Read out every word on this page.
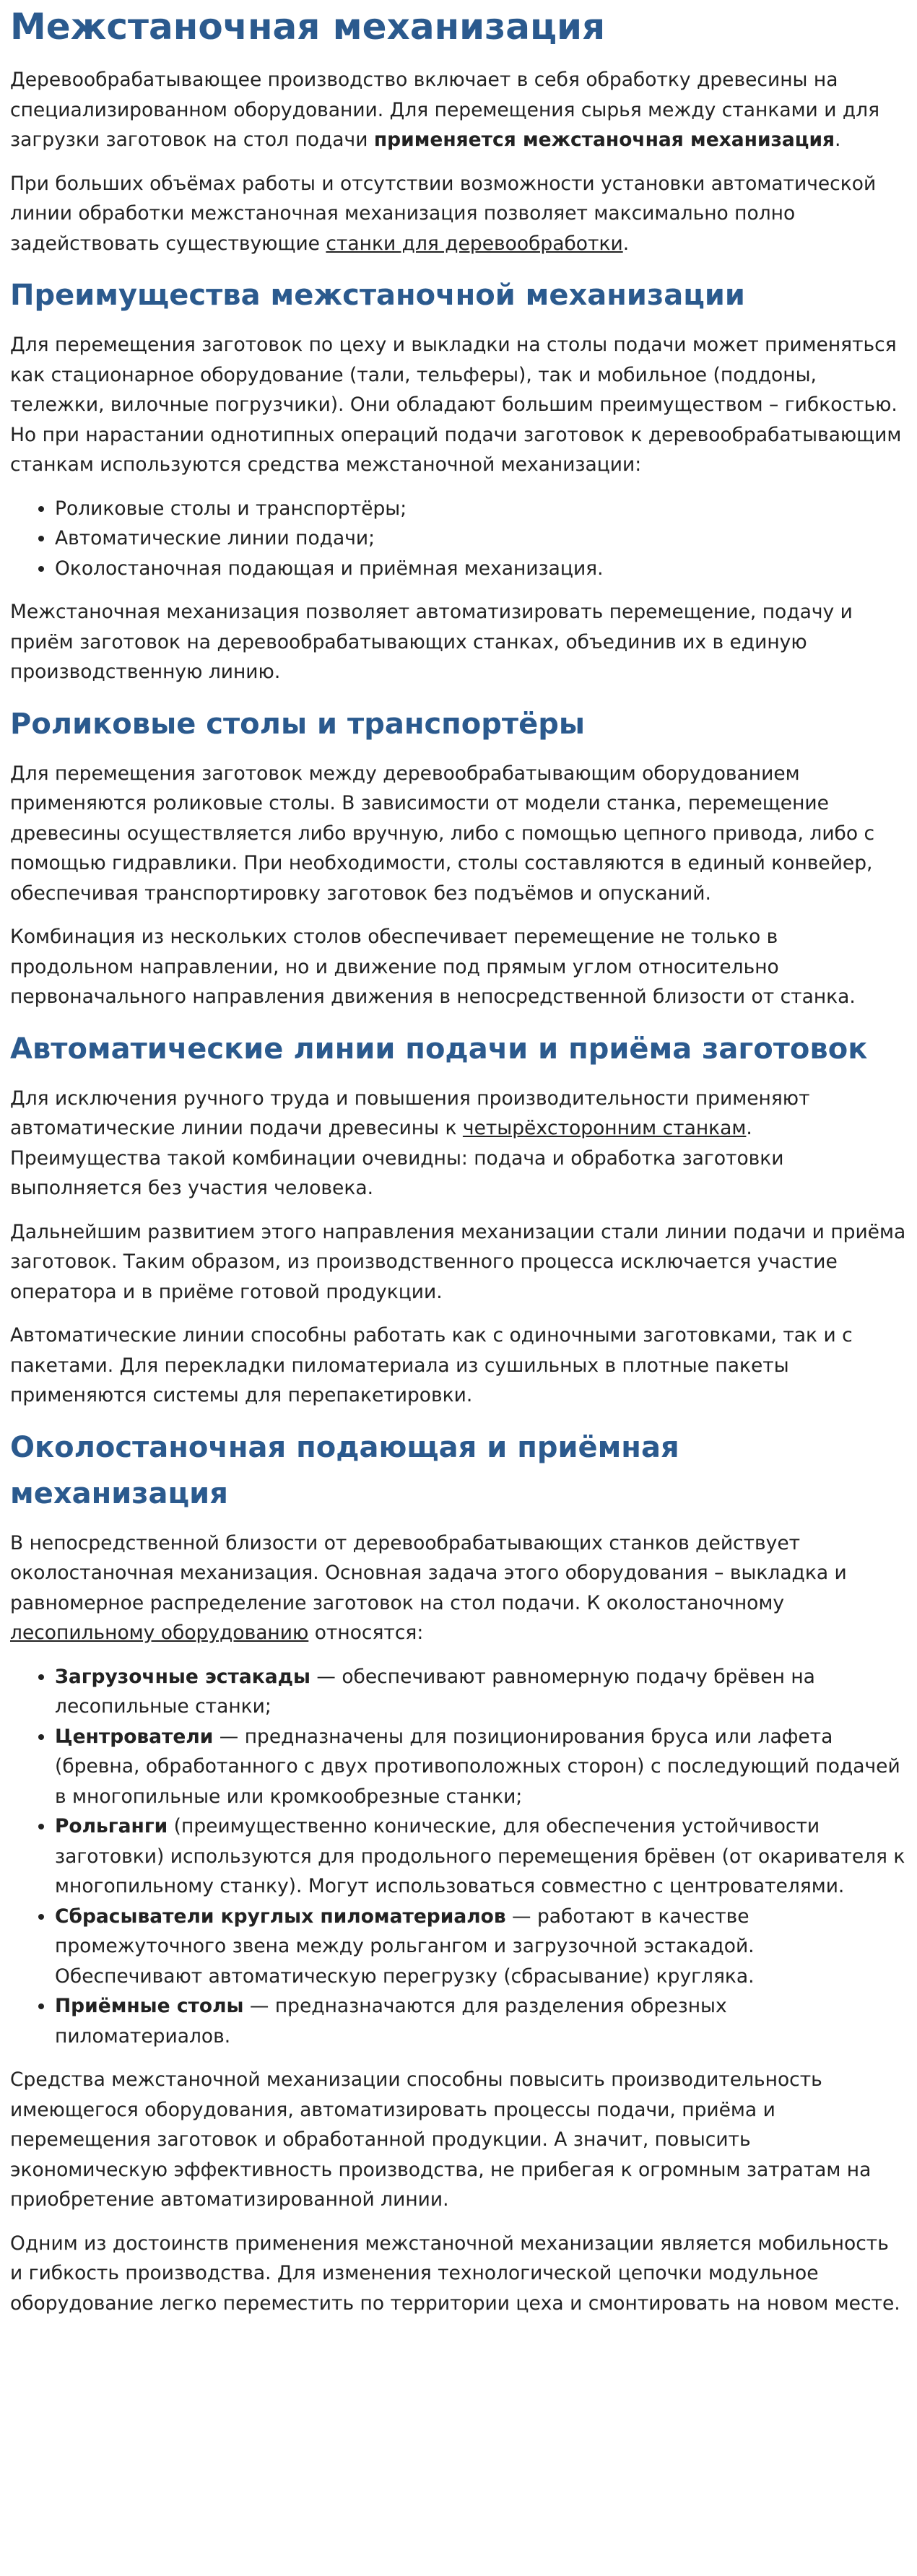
Межстаночная механизация

Деревообрабатывающее производство включает в себя обработку древесины на специализированном оборудовании. Для перемещения сырья между станками и для загрузки заготовок на стол подачи применяется межстаночная механизация.

При больших объёмах работы и отсутствии возможности установки автоматической линии обработки межстаночная механизация позволяет максимально полно задействовать существующие станки для деревообработки.

Преимущества межстаночной механизации

Для перемещения заготовок по цеху и выкладки на столы подачи может применяться как стационарное оборудование (тали, тельферы), так и мобильное (поддоны, тележки, вилочные погрузчики). Они обладают большим преимуществом – гибкостью. Но при нарастании однотипных операций подачи заготовок к деревообрабатывающим станкам используются средства межстаночной механизации:

• Роликовые столы и транспортёры;
• Автоматические линии подачи;
• Околостаночная подающая и приёмная механизация.

Межстаночная механизация позволяет автоматизировать перемещение, подачу и приём заготовок на деревообрабатывающих станках, объединив их в единую производственную линию.

Роликовые столы и транспортёры

Для перемещения заготовок между деревообрабатывающим оборудованием применяются роликовые столы. В зависимости от модели станка, перемещение древесины осуществляется либо вручную, либо с помощью цепного привода, либо с помощью гидравлики. При необходимости, столы составляются в единый конвейер, обеспечивая транспортировку заготовок без подъёмов и опусканий.

Комбинация из нескольких столов обеспечивает перемещение не только в продольном направлении, но и движение под прямым углом относительно первоначального направления движения в непосредственной близости от станка.

Автоматические линии подачи и приёма заготовок

Для исключения ручного труда и повышения производительности применяют автоматические линии подачи древесины к четырёхсторонним станкам. Преимущества такой комбинации очевидны: подача и обработка заготовки выполняется без участия человека.

Дальнейшим развитием этого направления механизации стали линии подачи и приёма заготовок. Таким образом, из производственного процесса исключается участие оператора и в приёме готовой продукции.

Автоматические линии способны работать как с одиночными заготовками, так и с пакетами. Для перекладки пиломатериала из сушильных в плотные пакеты применяются системы для перепакетировки.

Околостаночная подающая и приёмная механизация

В непосредственной близости от деревообрабатывающих станков действует околостаночная механизация. Основная задача этого оборудования – выкладка и равномерное распределение заготовок на стол подачи. К околостаночному лесопильному оборудованию относятся:

• Загрузочные эстакады — обеспечивают равномерную подачу брёвен на лесопильные станки;
• Центрователи — предназначены для позиционирования бруса или лафета (бревна, обработанного с двух противоположных сторон) с последующий подачей в многопильные или кромкообрезные станки;
• Рольганги (преимущественно конические, для обеспечения устойчивости заготовки) используются для продольного перемещения брёвен (от окаривателя к многопильному станку). Могут использоваться совместно с центрователями.
• Сбрасыватели круглых пиломатериалов — работают в качестве промежуточного звена между рольгангом и загрузочной эстакадой. Обеспечивают автоматическую перегрузку (сбрасывание) кругляка.
• Приёмные столы — предназначаются для разделения обрезных пиломатериалов.

Средства межстаночной механизации способны повысить производительность имеющегося оборудования, автоматизировать процессы подачи, приёма и перемещения заготовок и обработанной продукции. А значит, повысить экономическую эффективность производства, не прибегая к огромным затратам на приобретение автоматизированной линии.

Одним из достоинств применения межстаночной механизации является мобильность и гибкость производства. Для изменения технологической цепочки модульное оборудование легко переместить по территории цеха и смонтировать на новом месте.
